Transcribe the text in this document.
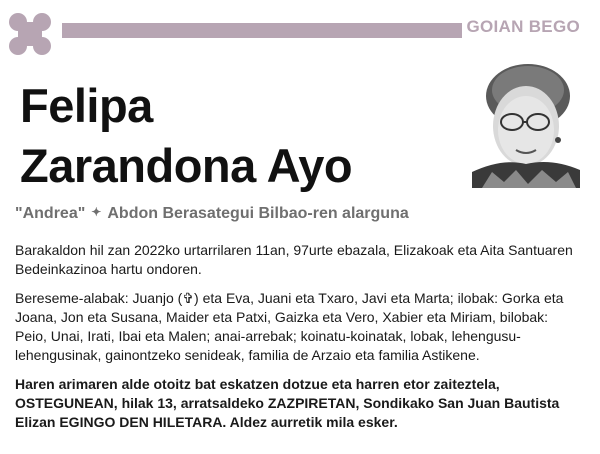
GOIAN BEGO
Felipa
Zarandona Ayo
"Andrea" ✦ Abdon Berasategui Bilbao-ren alarguna
Barakaldon hil zan 2022ko urtarrilaren 11an, 97urte ebazala, Elizakoak eta Aita Santuaren Bedeinkazinoa hartu ondoren.
Bereseme-alabak: Juanjo (✞) eta Eva, Juani eta Txaro, Javi eta Marta; ilobak: Gorka eta Joana, Jon eta Susana, Maider eta Patxi, Gaizka eta Vero, Xabier eta Miriam, bilobak: Peio, Unai, Irati, Ibai eta Malen; anai-arrebak; koinatu-koinatak, lobak, lehengusu-lehengusinak, gainontzeko senideak, familia de Arzaio eta familia Astikene.
Haren arimaren alde otoitz bat eskatzen dotzue eta harren etor zaiteztela, OSTEGUNEAN, hilak 13, arratsaldeko ZAZPIRETAN, Sondikako San Juan Bautista Elizan EGINGO DEN HILETARA. Aldez aurretik mila esker.
